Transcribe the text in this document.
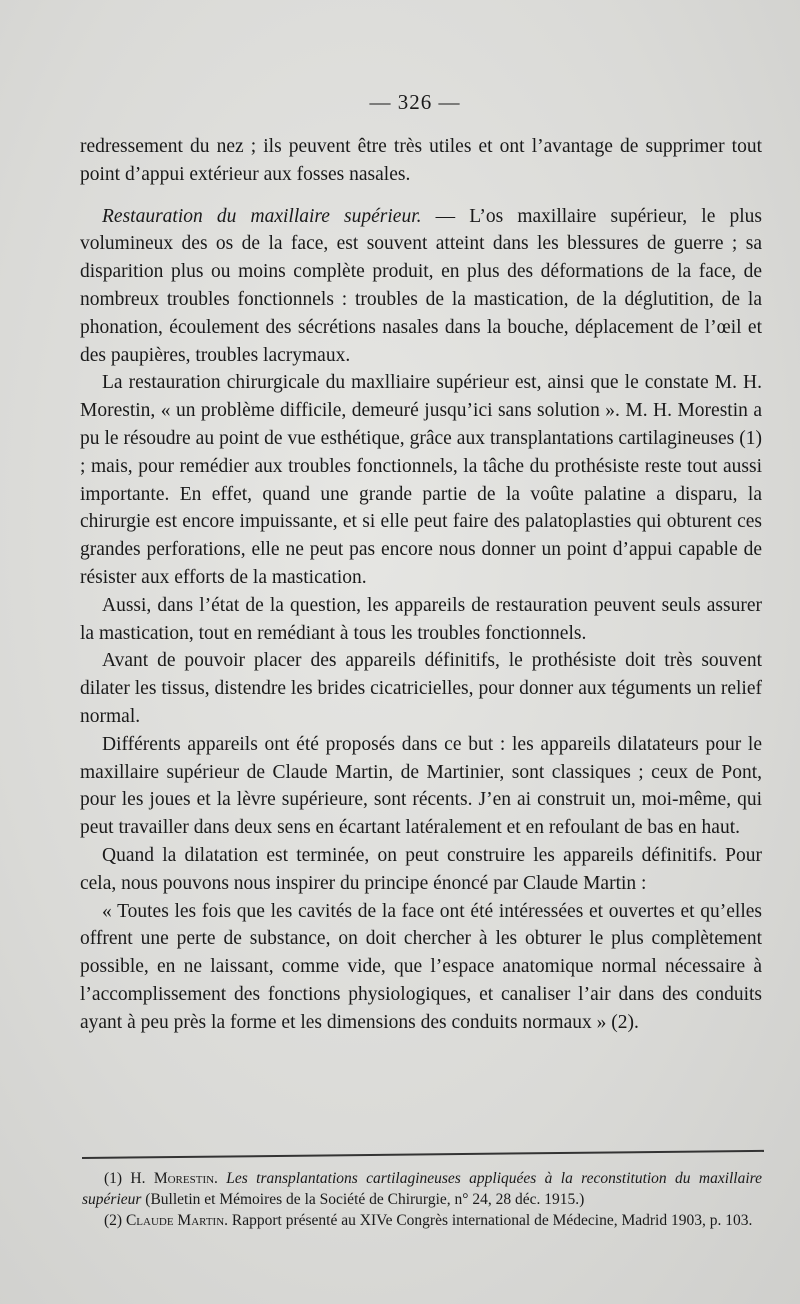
— 326 —

redressement du nez ; ils peuvent être très utiles et ont l’avantage de supprimer tout point d’appui extérieur aux fosses nasales.

Restauration du maxillaire supérieur. — L’os maxillaire supérieur, le plus volumineux des os de la face, est souvent atteint dans les blessures de guerre ; sa disparition plus ou moins complète produit, en plus des déformations de la face, de nombreux troubles fonctionnels : troubles de la mastication, de la déglutition, de la phonation, écoulement des sécrétions nasales dans la bouche, déplacement de l’œil et des paupières, troubles lacrymaux.

La restauration chirurgicale du maxlliaire supérieur est, ainsi que le constate M. H. Morestin, « un problème difficile, demeuré jusqu’ici sans solution ». M. H. Morestin a pu le résoudre au point de vue esthétique, grâce aux transplantations cartilagineuses (1) ; mais, pour remédier aux troubles fonctionnels, la tâche du prothésiste reste tout aussi importante. En effet, quand une grande partie de la voûte palatine a disparu, la chirurgie est encore impuissante, et si elle peut faire des palatoplasties qui obturent ces grandes perforations, elle ne peut pas encore nous donner un point d’appui capable de résister aux efforts de la mastication.

Aussi, dans l’état de la question, les appareils de restauration peuvent seuls assurer la mastication, tout en remédiant à tous les troubles fonctionnels.

Avant de pouvoir placer des appareils définitifs, le prothésiste doit très souvent dilater les tissus, distendre les brides cicatricielles, pour donner aux téguments un relief normal.

Différents appareils ont été proposés dans ce but : les appareils dilatateurs pour le maxillaire supérieur de Claude Martin, de Martinier, sont classiques ; ceux de Pont, pour les joues et la lèvre supérieure, sont récents. J’en ai construit un, moi-même, qui peut travailler dans deux sens en écartant latéralement et en refoulant de bas en haut.

Quand la dilatation est terminée, on peut construire les appareils définitifs. Pour cela, nous pouvons nous inspirer du principe énoncé par Claude Martin :

« Toutes les fois que les cavités de la face ont été intéressées et ouvertes et qu’elles offrent une perte de substance, on doit chercher à les obturer le plus complètement possible, en ne laissant, comme vide, que l’espace anatomique normal nécessaire à l’accomplissement des fonctions physiologiques, et canaliser l’air dans des conduits ayant à peu près la forme et les dimensions des conduits normaux » (2).

(1) H. Morestin. Les transplantations cartilagineuses appliquées à la reconstitution du maxillaire supérieur (Bulletin et Mémoires de la Société de Chirurgie, n° 24, 28 déc. 1915.)

(2) Claude Martin. Rapport présenté au XIVe Congrès international de Médecine, Madrid 1903, p. 103.
